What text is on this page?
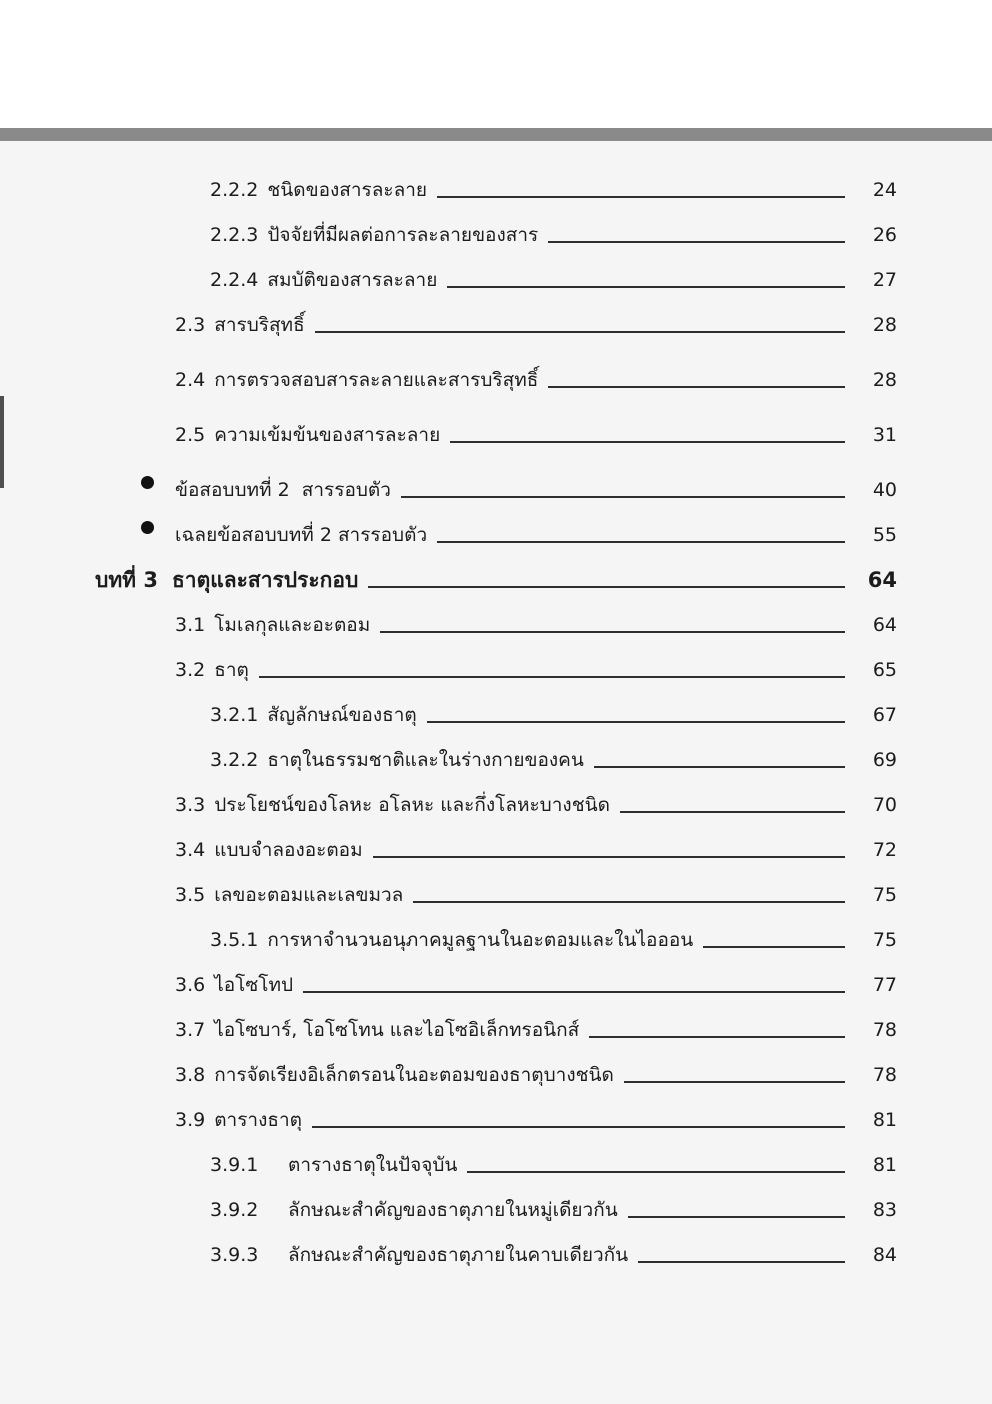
2.2.2 ชนิดของสารละลาย	24
2.2.3 ปัจจัยที่มีผลต่อการละลายของสาร	26
2.2.4 สมบัติของสารละลาย	27
2.3 สารบริสุทธิ์	28
2.4 การตรวจสอบสารละลายและสารบริสุทธิ์	28
2.5 ความเข้มข้นของสารละลาย	31
ข้อสอบบทที่ 2  สารรอบตัว	40
เฉลยข้อสอบบทที่ 2 สารรอบตัว	55
บทที่ 3 ธาตุและสารประกอบ	64
3.1 โมเลกุลและอะตอม	64
3.2 ธาตุ	65
3.2.1 สัญลักษณ์ของธาตุ	67
3.2.2 ธาตุในธรรมชาติและในร่างกายของคน	69
3.3 ประโยชน์ของโลหะ อโลหะ และกึ่งโลหะบางชนิด	70
3.4 แบบจำลองอะตอม	72
3.5 เลขอะตอมและเลขมวล	75
3.5.1 การหาจำนวนอนุภาคมูลฐานในอะตอมและในไอออน	75
3.6 ไอโซโทป	77
3.7 ไอโซบาร์, โอโซโทน และไอโซอิเล็กทรอนิกส์	78
3.8 การจัดเรียงอิเล็กตรอนในอะตอมของธาตุบางชนิด	78
3.9 ตารางธาตุ	81
3.9.1	ตารางธาตุในปัจจุบัน	81
3.9.2	ลักษณะสำคัญของธาตุภายในหมู่เดียวกัน	83
3.9.3	ลักษณะสำคัญของธาตุภายในคาบเดียวกัน	84
